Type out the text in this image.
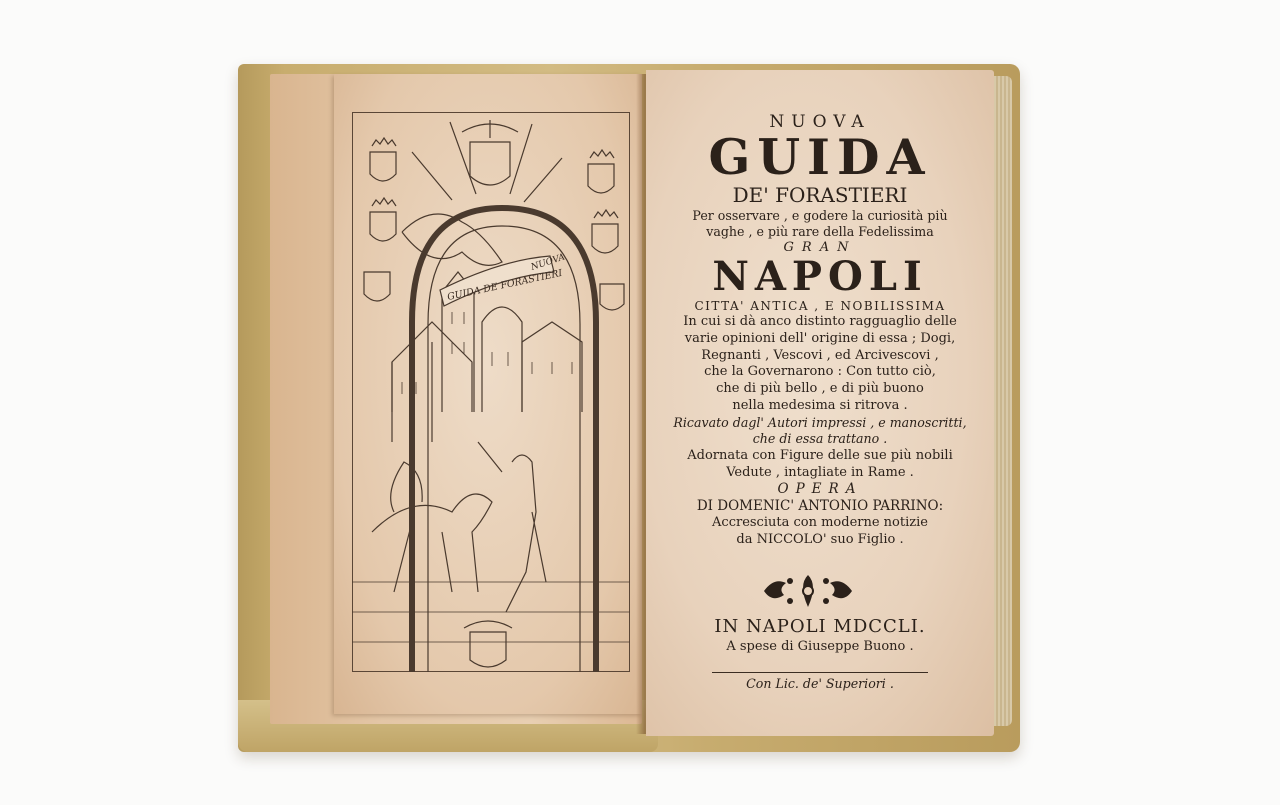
NUOVA
GUIDA DE FORASTIERI
NUOVA
GUIDA
DE' FORASTIERI
Per osservare , e godere la curiosità più
vaghe , e più rare della Fedelissima
GRAN
NAPOLI
CITTA' ANTICA , E NOBILISSIMA
In cui si dà anco distinto ragguaglio delle
varie opinioni dell' origine di essa ; Dogi,
Regnanti , Vescovi , ed Arcivescovi ,
che la Governarono : Con tutto ciò,
che di più bello , e di più buono
nella medesima si ritrova .
Ricavato dagl' Autori impressi , e manoscritti,
che di essa trattano .
Adornata con Figure delle sue più nobili
Vedute , intagliate in Rame .
OPERA
DI DOMENIC' ANTONIO PARRINO:
Accresciuta con moderne notizie
da NICCOLO' suo Figlio .
IN NAPOLI MDCCLI.
A spese di Giuseppe Buono .
Con Lic. de' Superiori .
